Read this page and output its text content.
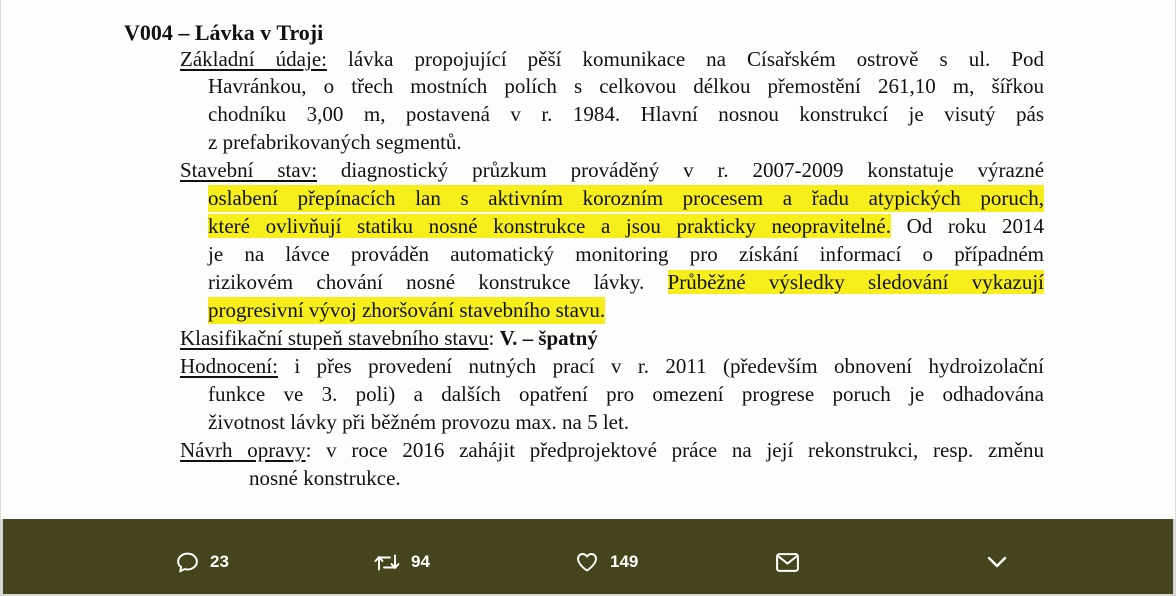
V004 – Lávka v Troji
Základní údaje: lávka propojující pěší komunikace na Císařském ostrově s ul. Pod
Havránkou, o třech mostních polích s celkovou délkou přemostění 261,10 m, šířkou
chodníku 3,00 m, postavená v r. 1984. Hlavní nosnou konstrukcí je visutý pás
z prefabrikovaných segmentů.
Stavební stav: diagnostický průzkum prováděný v r. 2007-2009 konstatuje výrazné
oslabení přepínacích lan s aktivním korozním procesem a řadu atypických poruch,
které ovlivňují statiku nosné konstrukce a jsou prakticky neopravitelné. Od roku 2014
je na lávce prováděn automatický monitoring pro získání informací o případném
rizikovém chování nosné konstrukce lávky. Průběžné výsledky sledování vykazují
progresivní vývoj zhoršování stavebního stavu.
Klasifikační stupeň stavebního stavu: V. – špatný
Hodnocení: i přes provedení nutných prací v r. 2011 (především obnovení hydroizolační
funkce ve 3. poli) a dalších opatření pro omezení progrese poruch je odhadována
životnost lávky při běžném provozu max. na 5 let.
Návrh opravy: v roce 2016 zahájit předprojektové práce na její rekonstrukci, resp. změnu
nosné konstrukce.
23	94	149
